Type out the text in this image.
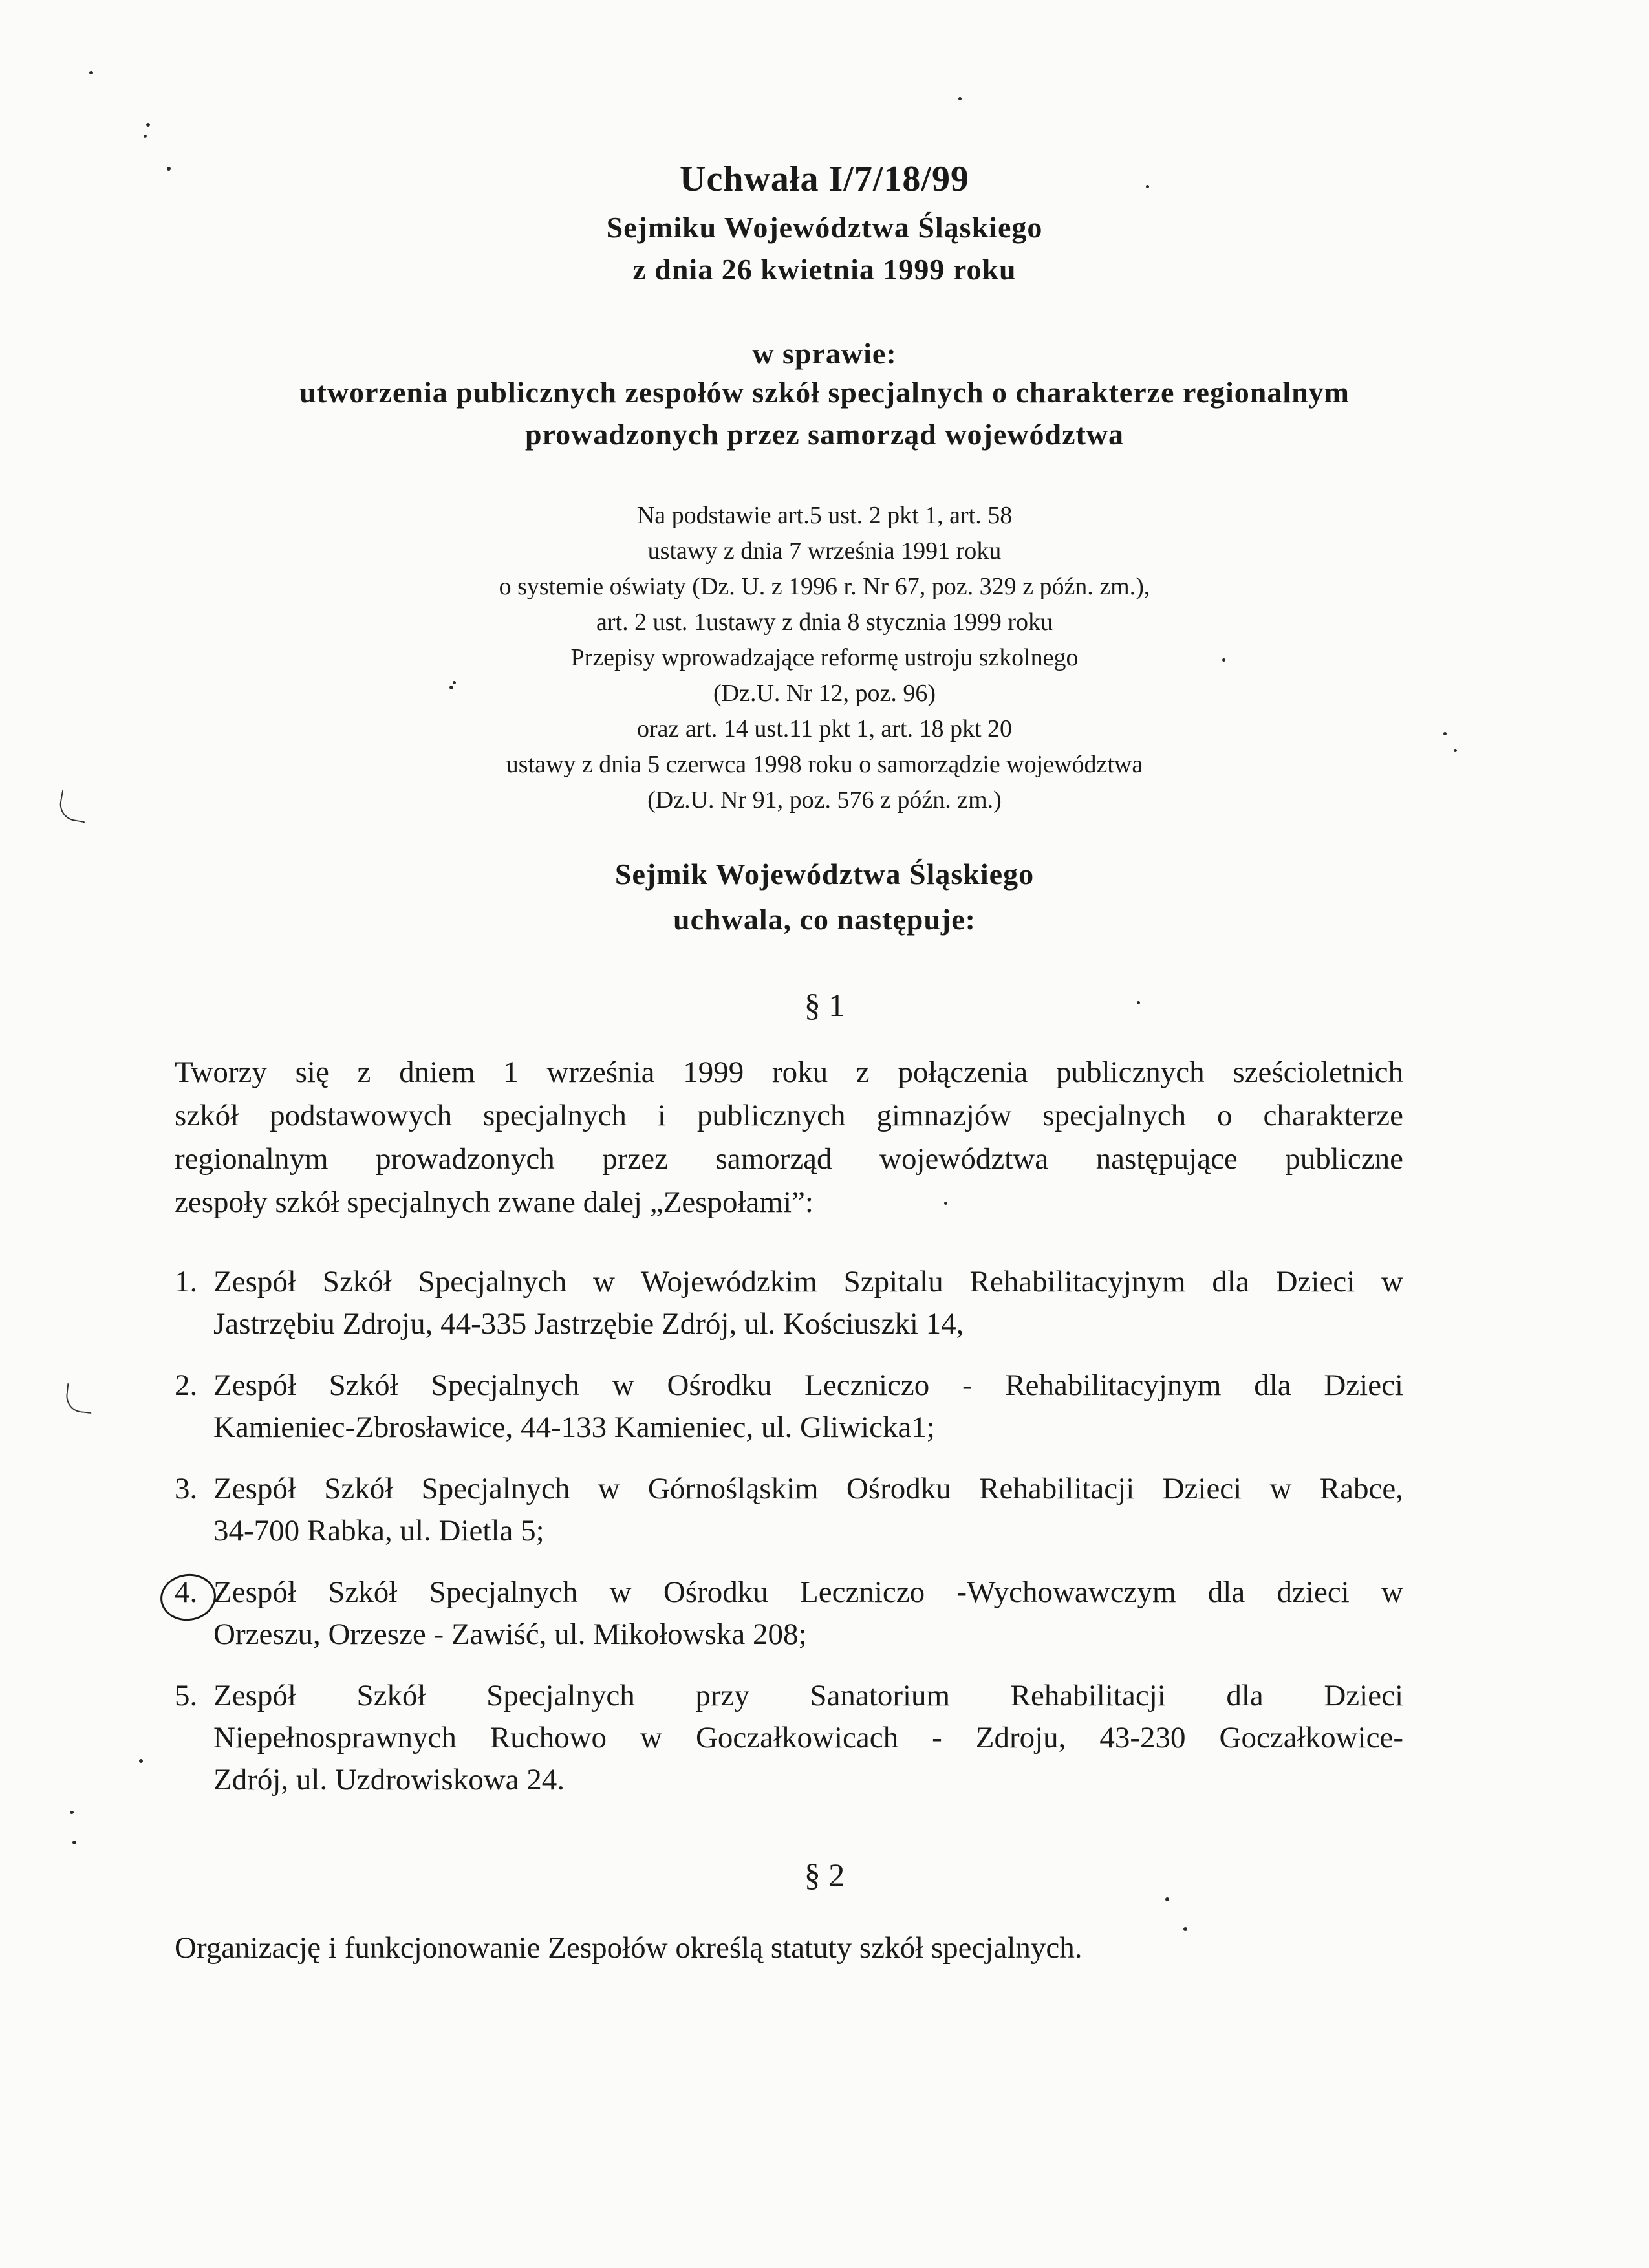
Uchwała I/7/18/99
Sejmiku Województwa Śląskiego
z dnia 26 kwietnia 1999 roku
w sprawie:
utworzenia publicznych zespołów szkół specjalnych o charakterze regionalnym
prowadzonych przez samorząd województwa
Na podstawie art.5 ust. 2 pkt 1, art. 58
ustawy z dnia 7 września 1991 roku
o systemie oświaty (Dz. U. z 1996 r. Nr 67, poz. 329 z późn. zm.),
art. 2 ust. 1ustawy z dnia 8 stycznia 1999 roku
Przepisy wprowadzające reformę ustroju szkolnego
(Dz.U. Nr 12, poz. 96)
oraz art. 14 ust.11 pkt 1, art. 18 pkt 20
ustawy z dnia 5 czerwca 1998 roku o samorządzie województwa
(Dz.U. Nr 91, poz. 576 z późn. zm.)
Sejmik Województwa Śląskiego
uchwala, co następuje:
§ 1
Tworzy się z dniem 1 września 1999 roku z połączenia publicznych sześcioletnich
szkół podstawowych specjalnych i publicznych gimnazjów specjalnych o charakterze
regionalnym prowadzonych przez samorząd województwa następujące publiczne
zespoły szkół specjalnych zwane dalej „Zespołami”:
1. Zespół Szkół Specjalnych w Wojewódzkim Szpitalu Rehabilitacyjnym dla Dzieci w
Jastrzębiu Zdroju, 44-335 Jastrzębie Zdrój, ul. Kościuszki 14,
2. Zespół Szkół Specjalnych w Ośrodku Leczniczo - Rehabilitacyjnym dla Dzieci
Kamieniec-Zbrosławice, 44-133 Kamieniec, ul. Gliwicka1;
3. Zespół Szkół Specjalnych w Górnośląskim Ośrodku Rehabilitacji Dzieci w Rabce,
34-700 Rabka, ul. Dietla 5;
4. Zespół Szkół Specjalnych w Ośrodku Leczniczo -Wychowawczym dla dzieci w
Orzeszu, Orzesze - Zawiść, ul. Mikołowska 208;
5. Zespół Szkół Specjalnych przy Sanatorium Rehabilitacji dla Dzieci
Niepełnosprawnych Ruchowo w Goczałkowicach - Zdroju, 43-230 Goczałkowice-
Zdrój, ul. Uzdrowiskowa 24.
§ 2
Organizację i funkcjonowanie Zespołów określą statuty szkół specjalnych.
